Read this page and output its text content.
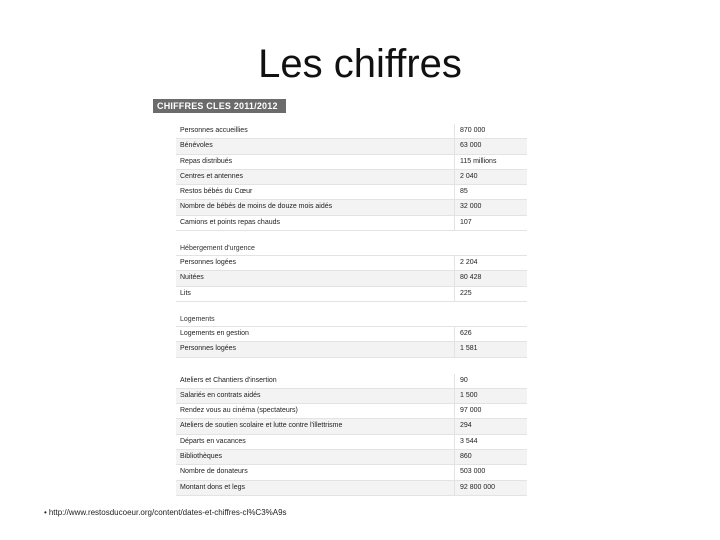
Les chiffres
CHIFFRES CLES 2011/2012
Personnes accueillies	870 000
Bénévoles	63 000
Repas distribués	115 millions
Centres et antennes	2 040
Restos bébés du Cœur	85
Nombre de bébés de moins de douze mois aidés	32 000
Camions et points repas chauds	107
Hébergement d'urgence
Personnes logées	2 204
Nuitées	80 428
Lits	225
Logements
Logements en gestion	626
Personnes logées	1 581
Ateliers et Chantiers d'insertion	90
Salariés en contrats aidés	1 500
Rendez vous au cinéma (spectateurs)	97 000
Ateliers de soutien scolaire et lutte contre l'illettrisme	294
Départs en vacances	3 544
Bibliothèques	860
Nombre de donateurs	503 000
Montant dons et legs	92 800 000
• http://www.restosducoeur.org/content/dates-et-chiffres-cl%C3%A9s
